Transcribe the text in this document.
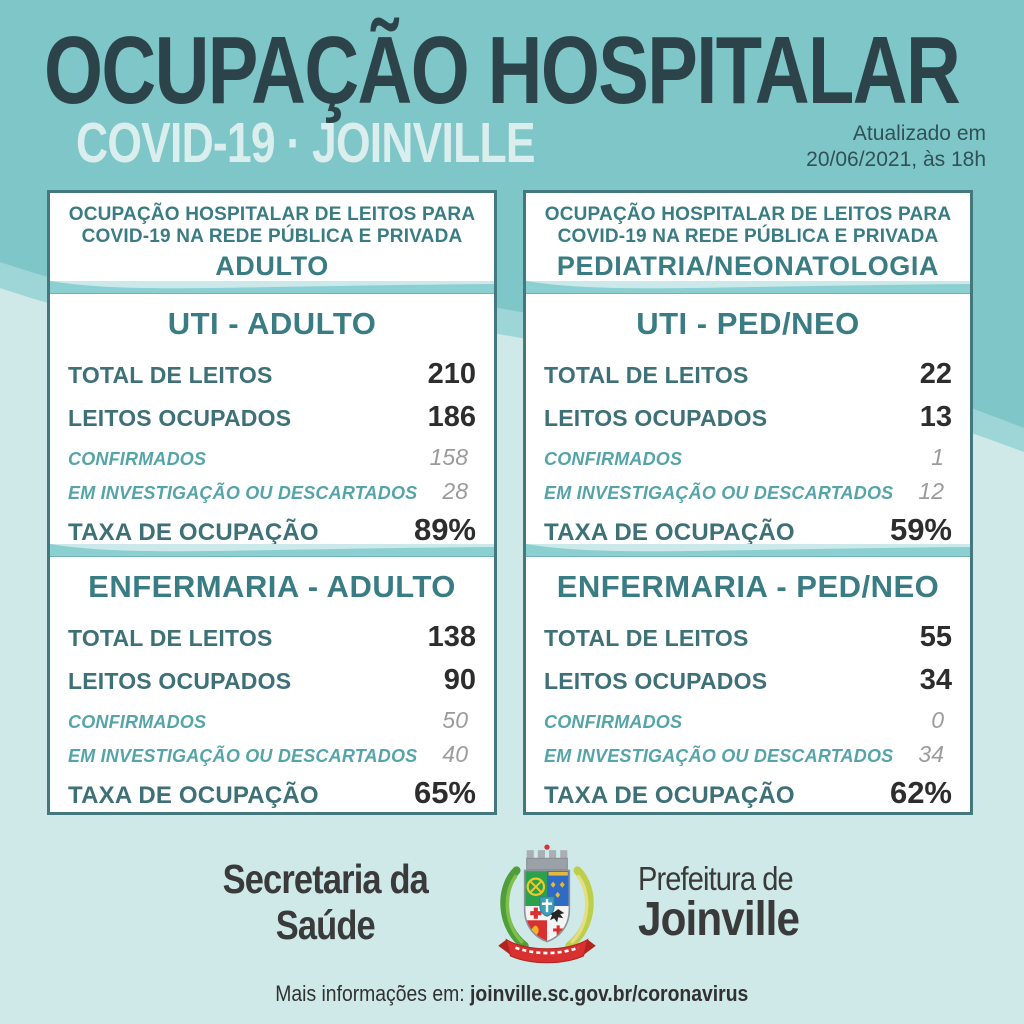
OCUPAÇÃO HOSPITALAR
COVID-19 · JOINVILLE	Atualizado em
20/06/2021, às 18h
OCUPAÇÃO HOSPITALAR DE LEITOS PARA
COVID-19 NA REDE PÚBLICA E PRIVADA
ADULTO
UTI - ADULTO
TOTAL DE LEITOS	210
LEITOS OCUPADOS	186
CONFIRMADOS	158
EM INVESTIGAÇÃO OU DESCARTADOS 28
TAXA DE OCUPAÇÃO	89%
ENFERMARIA - ADULTO
TOTAL DE LEITOS	138
LEITOS OCUPADOS	90
CONFIRMADOS	50
EM INVESTIGAÇÃO OU DESCARTADOS 40
TAXA DE OCUPAÇÃO	65%
OCUPAÇÃO HOSPITALAR DE LEITOS PARA
COVID-19 NA REDE PÚBLICA E PRIVADA
PEDIATRIA/NEONATOLOGIA
UTI - PED/NEO
TOTAL DE LEITOS	22
LEITOS OCUPADOS	13
CONFIRMADOS	1
EM INVESTIGAÇÃO OU DESCARTADOS 12
TAXA DE OCUPAÇÃO	59%
ENFERMARIA - PED/NEO
TOTAL DE LEITOS	55
LEITOS OCUPADOS	34
CONFIRMADOS	0
EM INVESTIGAÇÃO OU DESCARTADOS 34
TAXA DE OCUPAÇÃO	62%
Secretaria da
Saúde
Prefeitura de
Joinville
Mais informações em: joinville.sc.gov.br/coronavirus
